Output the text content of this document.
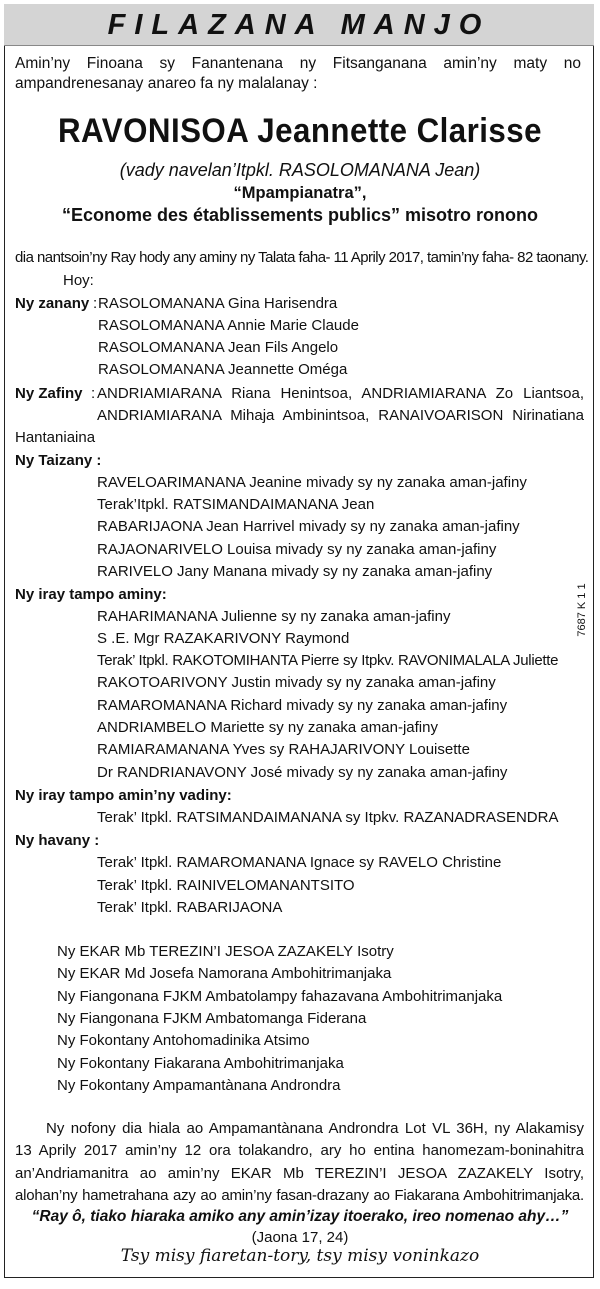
FILAZANA MANJO
Amin’ny Finoana sy Fanantenana ny Fitsanganana amin’ny maty no ampandrenesanay anareo fa ny malalanay :
RAVONISOA Jeannette Clarisse
(vady navelan’Itpkl. RASOLOMANANA Jean)
“Mpampianatra”,
“Econome des établissements publics” misotro ronono
dia nantsoin’ny Ray hody any aminy ny Talata faha- 11 Aprily 2017, tamin’ny faha- 82 taonany.
Hoy:
Ny zanany : RASOLOMANANA Gina Harisendra
RASOLOMANANA Annie Marie Claude
RASOLOMANANA Jean Fils Angelo
RASOLOMANANA Jeannette Oméga
Ny Zafiny : ANDRIAMIARANA Riana Henintsoa, ANDRIAMIARANA Zo Liantsoa,
ANDRIAMIARANA Mihaja Ambinintsoa, RANAIVOARISON Nirinatiana
Hantaniaina
Ny Taizany :
RAVELOARIMANANA Jeanine mivady sy ny zanaka aman-jafiny
Terak’Itpkl. RATSIMANDAIMANANA Jean
RABARIJAONA Jean Harrivel mivady sy ny zanaka aman-jafiny
RAJAONARIVELO Louisa mivady sy ny zanaka aman-jafiny
RARIVELO Jany Manana mivady sy ny zanaka aman-jafiny
Ny iray tampo aminy:
RAHARIMANANA Julienne sy ny zanaka aman-jafiny
S .E. Mgr RAZAKARIVONY Raymond
Terak’ Itpkl. RAKOTOMIHANTA Pierre sy Itpkv. RAVONIMALALA Juliette
RAKOTOARIVONY Justin mivady sy ny zanaka aman-jafiny
RAMAROMANANA Richard mivady sy ny zanaka aman-jafiny
ANDRIAMBELO Mariette sy ny zanaka aman-jafiny
RAMIARAMANANA Yves sy RAHAJARIVONY Louisette
Dr RANDRIANAVONY José mivady sy ny zanaka aman-jafiny
Ny iray tampo amin’ny vadiny:
Terak’ Itpkl. RATSIMANDAIMANANA sy Itpkv. RAZANADRASENDRA
Ny havany :
Terak’ Itpkl. RAMAROMANANA Ignace sy RAVELO Christine
Terak’ Itpkl. RAINIVELOMANANTSITO
Terak’ Itpkl. RABARIJAONA
Ny EKAR Mb TEREZIN’I JESOA ZAZAKELY Isotry
Ny EKAR Md Josefa Namorana Ambohitrimanjaka
Ny Fiangonana FJKM Ambatolampy fahazavana Ambohitrimanjaka
Ny Fiangonana FJKM Ambatomanga Fiderana
Ny Fokontany Antohomadinika Atsimo
Ny Fokontany Fiakarana Ambohitrimanjaka
Ny Fokontany Ampamantànana Androndra
Ny nofony dia hiala ao Ampamantànana Androndra Lot VL 36H, ny Alakamisy
13 Aprily 2017 amin’ny 12 ora tolakandro, ary ho entina hanomezam-boninahitra
an’Andriamanitra ao amin’ny EKAR Mb TEREZIN’I JESOA ZAZAKELY Isotry,
alohan’ny hametrahana azy ao amin’ny fasan-drazany ao Fiakarana Ambohitrimanjaka.
“Ray ô, tiako hiaraka amiko any amin’izay itoerako, ireo nomenao ahy…”
(Jaona 17, 24)
Tsy misy fiaretan-tory, tsy misy voninkazo
7687 K 1 1
